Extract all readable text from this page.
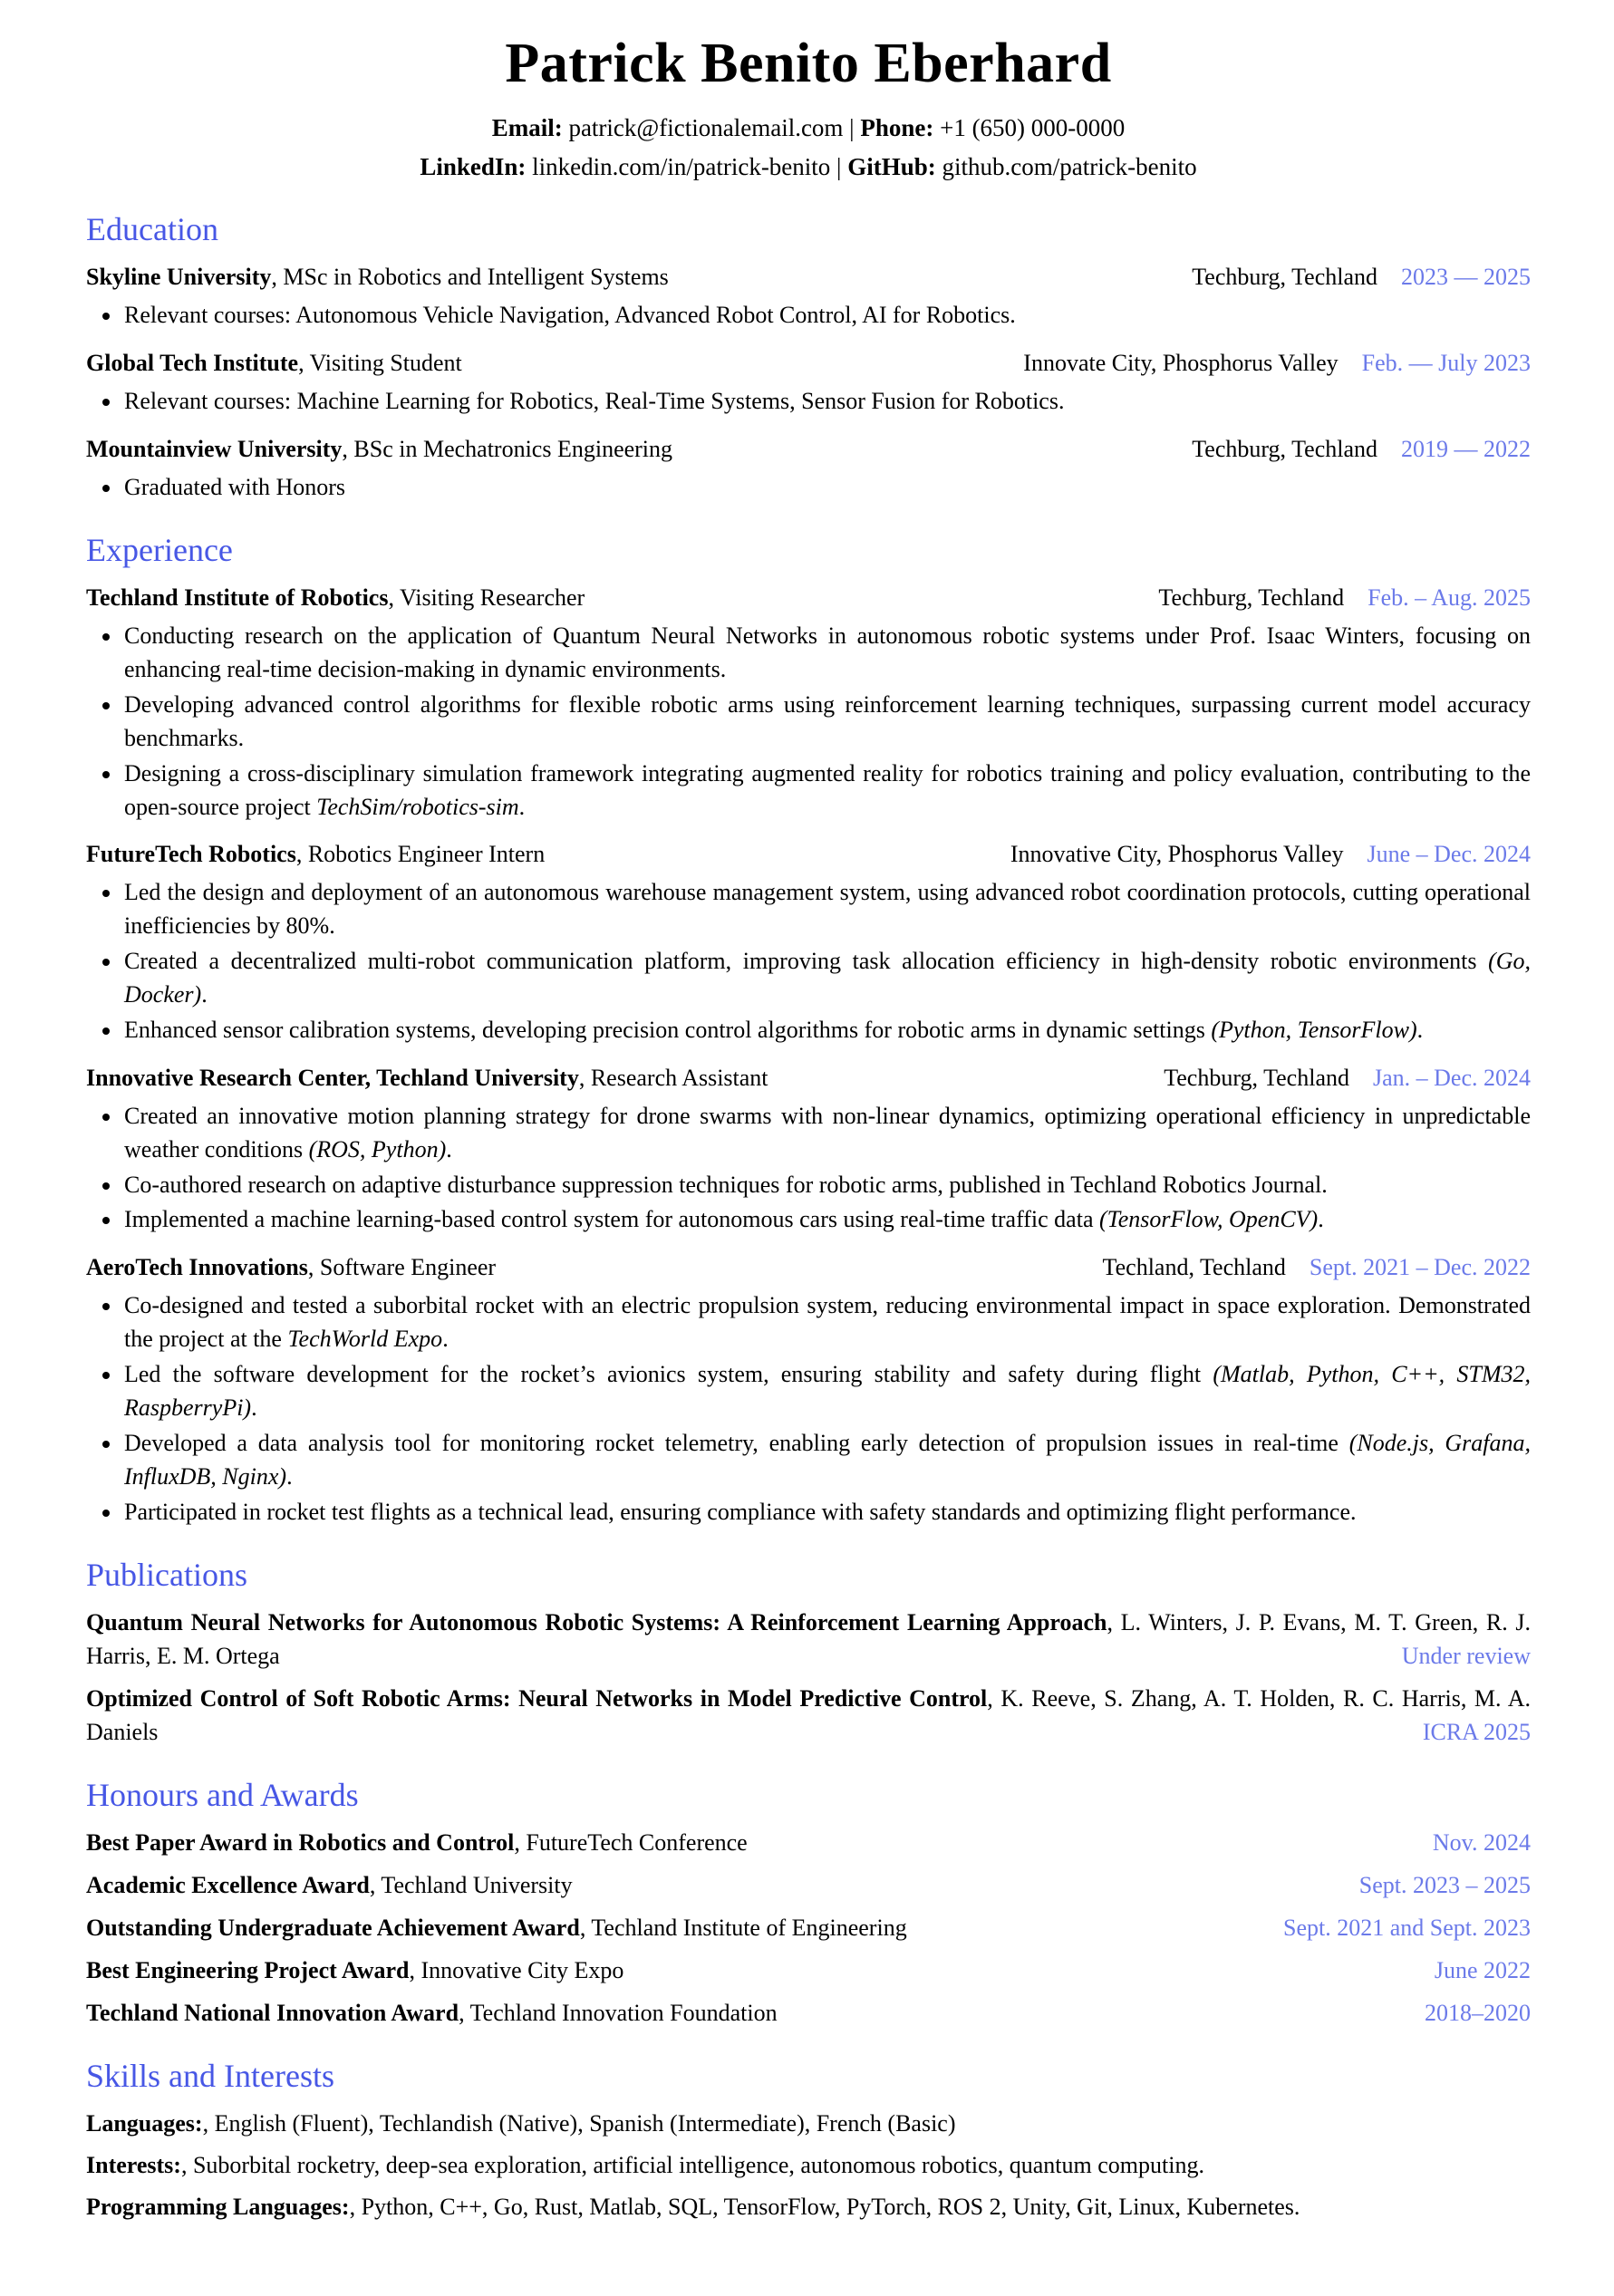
Patrick Benito Eberhard
Email: patrick@fictionalemail.com | Phone: +1 (650) 000-0000
LinkedIn: linkedin.com/in/patrick-benito | GitHub: github.com/patrick-benito
Education
Skyline University, MSc in Robotics and Intelligent Systems	Techburg, Techland 2023 — 2025
• Relevant courses: Autonomous Vehicle Navigation, Advanced Robot Control, AI for Robotics.
Global Tech Institute, Visiting Student	Innovate City, Phosphorus Valley Feb. — July 2023
• Relevant courses: Machine Learning for Robotics, Real-Time Systems, Sensor Fusion for Robotics.
Mountainview University, BSc in Mechatronics Engineering	Techburg, Techland 2019 — 2022
• Graduated with Honors
Experience
Techland Institute of Robotics, Visiting Researcher	Techburg, Techland Feb. – Aug. 2025
• Conducting research on the application of Quantum Neural Networks in autonomous robotic systems under Prof. Isaac Winters, focusing on enhancing real-time decision-making in dynamic environments.
• Developing advanced control algorithms for flexible robotic arms using reinforcement learning techniques, surpassing current model accuracy benchmarks.
• Designing a cross-disciplinary simulation framework integrating augmented reality for robotics training and policy evaluation, contributing to the open-source project TechSim/robotics-sim.
FutureTech Robotics, Robotics Engineer Intern	Innovative City, Phosphorus Valley June – Dec. 2024
• Led the design and deployment of an autonomous warehouse management system, using advanced robot coordination protocols, cutting operational inefficiencies by 80%.
• Created a decentralized multi-robot communication platform, improving task allocation efficiency in high-density robotic environments (Go, Docker).
• Enhanced sensor calibration systems, developing precision control algorithms for robotic arms in dynamic settings (Python, TensorFlow).
Innovative Research Center, Techland University, Research Assistant	Techburg, Techland Jan. – Dec. 2024
• Created an innovative motion planning strategy for drone swarms with non-linear dynamics, optimizing operational efficiency in unpredictable weather conditions (ROS, Python).
• Co-authored research on adaptive disturbance suppression techniques for robotic arms, published in Techland Robotics Journal.
• Implemented a machine learning-based control system for autonomous cars using real-time traffic data (TensorFlow, OpenCV).
AeroTech Innovations, Software Engineer	Techland, Techland Sept. 2021 – Dec. 2022
• Co-designed and tested a suborbital rocket with an electric propulsion system, reducing environmental impact in space exploration. Demonstrated the project at the TechWorld Expo.
• Led the software development for the rocket’s avionics system, ensuring stability and safety during flight (Matlab, Python, C++, STM32, RaspberryPi).
• Developed a data analysis tool for monitoring rocket telemetry, enabling early detection of propulsion issues in real-time (Node.js, Grafana, InfluxDB, Nginx).
• Participated in rocket test flights as a technical lead, ensuring compliance with safety standards and optimizing flight performance.
Publications

Quantum Neural Networks for Autonomous Robotic Systems: A Reinforcement Learning Approach, L. Winters, J. P. Evans, M. T. Green, R. J. Harris, E. M. Ortega	Under review

Optimized Control of Soft Robotic Arms: Neural Networks in Model Predictive Control, K. Reeve, S. Zhang, A. T. Holden, R. C. Harris, M. A. Daniels	ICRA 2025

Honours and Awards
Best Paper Award in Robotics and Control, FutureTech Conference	Nov. 2024
Academic Excellence Award, Techland University	Sept. 2023 – 2025
Outstanding Undergraduate Achievement Award, Techland Institute of Engineering	Sept. 2021 and Sept. 2023
Best Engineering Project Award, Innovative City Expo	June 2022
Techland National Innovation Award, Techland Innovation Foundation	2018–2020
Skills and Interests

Languages:, English (Fluent), Techlandish (Native), Spanish (Intermediate), French (Basic)

Interests:, Suborbital rocketry, deep-sea exploration, artificial intelligence, autonomous robotics, quantum computing.

Programming Languages:, Python, C++, Go, Rust, Matlab, SQL, TensorFlow, PyTorch, ROS 2, Unity, Git, Linux, Kubernetes.
